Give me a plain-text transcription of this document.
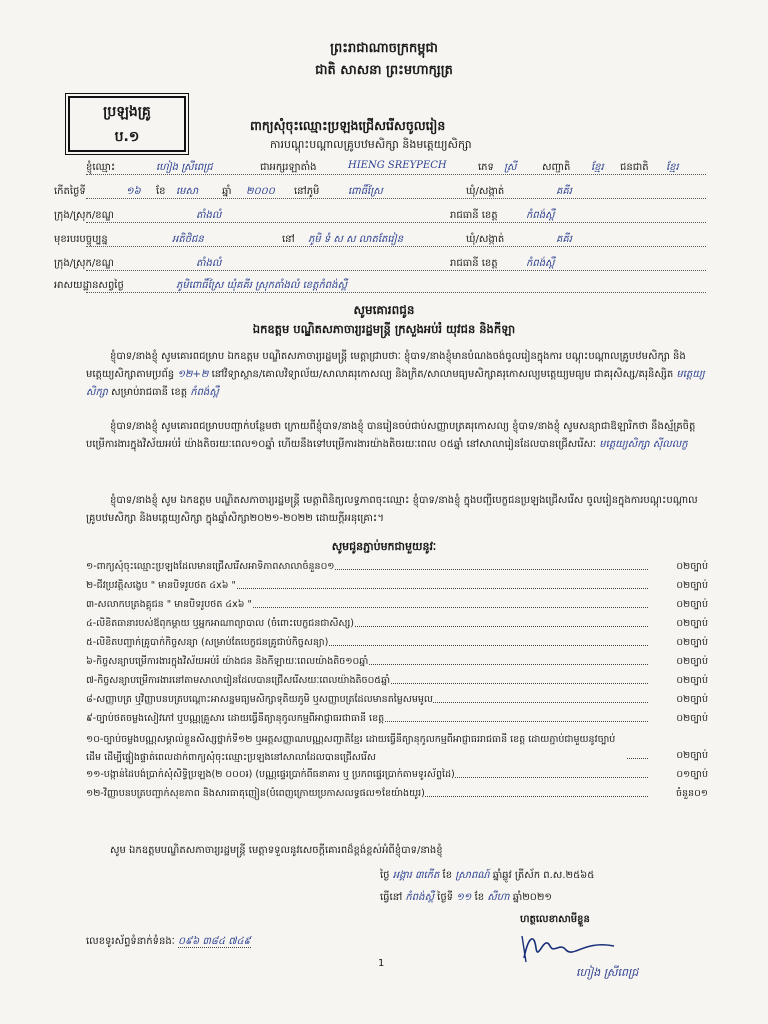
ព្រះរាជាណាចក្រកម្ពុជា
ជាតិ សាសនា ព្រះមហាក្សត្រ
ប្រឡងគ្រូ
ប.១
ពាក្យសុំចុះឈ្មោះប្រឡងជ្រើសរើសចូលរៀន
ការបណ្តុះបណ្តាលគ្រូបឋមសិក្សា និងមត្តេយ្យសិក្សា
ខ្ញុំឈ្មោះ	ហៀង ស្រីពេជ្រ	ជាអក្សរឡាតាំង	HIENG SREYPECH	ភេទ ស្រី	សញ្ជាតិ ខ្មែរ ជនជាតិ ខ្មែរ
កើតថ្ងៃទី	១៦ ខែ មេសា ឆ្នាំ ២០០០ នៅភូមិ	ពោធិ៍ស្រែ	ឃុំ/សង្កាត់	គគីរ
ក្រុង/ស្រុក/ខណ្ឌ	តាំងលំ	រាជធានី ខេត្ត	កំពង់ស្ពឺ
មុខរបរបច្ចុប្បន្ន	អតិថិជន	នៅ ភូមិ ទំ ស ស លាតតែរៀន	ឃុំ/សង្កាត់	គគីរ
ក្រុង/ស្រុក/ខណ្ឌ	តាំងលំ	រាជធានី ខេត្ត	កំពង់ស្ពឺ
អាសយដ្ឋានសព្វថ្ងៃ	ភូមិពោធិ៍ស្រែ ឃុំគគីរ ស្រុកតាំងលំ ខេត្តកំពង់ស្ពឺ
សូមគោរពជូន
ឯកឧត្តម បណ្ឌិតសភាចារ្យរដ្ឋមន្ត្រី ក្រសួងអប់រំ យុវជន និងកីឡា
ខ្ញុំបាទ/នាងខ្ញុំ សូមគោរពជម្រាប ឯកឧត្តម បណ្ឌិតសភាចារ្យរដ្ឋមន្ត្រី មេត្តាជ្រាបថាៈ ខ្ញុំបាទ/នាងខ្ញុំមានបំណងចង់ចូលរៀនក្នុងការ បណ្តុះបណ្តាលគ្រូបឋមសិក្សា និងមត្តេយ្យសិក្សាតាមប្រព័ន្ធ ១២+២ នៅវិទ្យាស្ថាន/គោលវិទ្យាល័យ/សាលាគរុកោសល្យ និងក្រិត/សាលាមធ្យមសិក្សាគរុកោសល្យមត្តេយ្យមធ្យម ជាគរុសិស្ស/គរុនិស្សិត មត្តេយ្យសិក្សា សម្រាប់រាជធានី ខេត្ត កំពង់ស្ពឺ
ខ្ញុំបាទ/នាងខ្ញុំ សូមគោរពជម្រាបបញ្ជាក់បន្ថែមថា ក្រោយពីខ្ញុំបាទ/នាងខ្ញុំ បានរៀនចប់ជាប់សញ្ញាបត្រគរុកោសល្យ ខ្ញុំបាទ/នាងខ្ញុំ សូមសន្យាជាឱឡារិកថា នឹងស្ម័គ្រចិត្តបម្រើការងារក្នុងវិស័យអប់រំ យ៉ាងតិចរយៈពេល១០ឆ្នាំ ហើយនឹងទៅបម្រើការងារយ៉ាងតិចរយៈពេល ០៥ឆ្នាំ នៅសាលារៀនដែលបានជ្រើសរើសៈ មត្តេយ្យសិក្សា ស៊ីលលក្ខ
ខ្ញុំបាទ/នាងខ្ញុំ សូម ឯកឧត្តម បណ្ឌិតសភាចារ្យរដ្ឋមន្ត្រី មេត្តាពិនិត្យលទ្ធភាពចុះឈ្មោះ ខ្ញុំបាទ/នាងខ្ញុំ ក្នុងបញ្ជីបេក្ខជនប្រឡងជ្រើសរើស ចូលរៀនក្នុងការបណ្តុះបណ្តាលគ្រូបឋមសិក្សា និងមត្តេយ្យសិក្សា ក្នុងឆ្នាំសិក្សា២០២១-២០២២ ដោយក្តីអនុគ្រោះ។
សូមជូនភ្ជាប់មកជាមួយនូវៈ
១-ពាក្យសុំចុះឈ្មោះប្រឡងដែលមានជ្រើសរើសអាទិភាពសាលាចំនួន០១	០២ច្បាប់
២-ជីវប្រវត្តិសង្ខេប " មានបិទរូបថត ៤x៦ "	០២ច្បាប់
៣-សលាកបត្រងគ្គុជន " មានបិទរូបថត ៤x៦ "	០២ច្បាប់
៤-លិខិតធានារបស់ឪពុកម្តាយ ឬអ្នកអាណាព្យាបាល (ចំពោះបេក្ខជនជាសិស្ស)	០២ច្បាប់
៥-លិខិតបញ្ជាក់គ្រូបាក់កិច្ចសន្យា (សម្រាប់តែបេក្ខជនគ្រូជាប់កិច្ចសន្យា)	០២ច្បាប់
៦-កិច្ចសន្យាបម្រើការងារក្នុងវិស័យអប់រំ យ៉ាងជន និងកីឡាយៈពេលយ៉ាងតិច១០ឆ្នាំ	០២ច្បាប់
៧-កិច្ចសន្យាបម្រើការងារនៅតាមសាលារៀនដែលបានជ្រើសរើសយៈពេលយ៉ាងតិច០៥ឆ្នាំ	០២ច្បាប់
៨-សញ្ញាបត្រ ឬវិញ្ញាបនបត្របណ្តោះអាសន្នមធ្យមសិក្សាទុតិយភូមិ ឬសញ្ញាបត្រដែលមានតម្លៃសមមូល	០២ច្បាប់
៩-ច្បាប់ថតចម្លងសៀវភៅ ឬបណ្ណគ្រួសារ ដោយធ្វើនីត្យានុកូលកម្មពីអាជ្ញាធរជាធានី ខេត្ត	០២ច្បាប់
១០-ច្បាប់ចម្លងបណ្ណសម្គាល់ខ្លួនសិស្សថ្នាក់ទី១២ ឬអត្តសញ្ញាណបណ្ណសញ្ជាតិខ្មែរ ដោយធ្វើនីត្យានុកូលកម្មពីអាជ្ញាធររាជធានី ខេត្ត ដោយភ្ជាប់ជាមួយនូវច្បាប់ដើម ដើម្បីផ្ទៀងផ្ទាត់ពេលដាក់ពាក្យសុំចុះឈ្មោះប្រឡងនៅសាលាដែលបានជ្រើសរើស	០២ច្បាប់
១១-បង្កាន់ដៃបង់ប្រាក់សុំសិទ្ធិប្រឡង(២ ០០០៛) (បណ្ណផ្ទេរប្រាក់ពីធនាគារ ឬ ប្រភពផ្ទេរប្រាក់តាមទូរស័ព្ទដៃ)	០១ច្បាប់
១២-វិញ្ញាបនបត្របញ្ជាក់សុខភាព និងសារធាតុញៀន(បំពេញក្រោយប្រកាសលទ្ធផល១ខែយ៉ាងយូរ)	ចំនួន០១
សូម ឯកឧត្តមបណ្ឌិតសភាចារ្យរដ្ឋមន្ត្រី មេត្តាទទួលនូវសេចក្តីគោរពដ៏ខ្ពង់ខ្ពស់អំពីខ្ញុំបាទ/នាងខ្ញុំ
ថ្ងៃ អង្គារ ៣កើត ខែ ស្រាពណ៍ ឆ្នាំឆ្លូវ ត្រីស័ក ព.ស.២៥៦៥
ធ្វើនៅ កំពង់ស្ពឺ ថ្ងៃទី ១១ ខែ សីហា ឆ្នាំ២០២១
ហត្ថលេខាសាមីខ្លួន
ហៀង ស្រីពេជ្រ
លេខទូរស័ព្ទទំនាក់ទំនងៈ ០៩៦ ៣៨៤ ៧៤៩
1
